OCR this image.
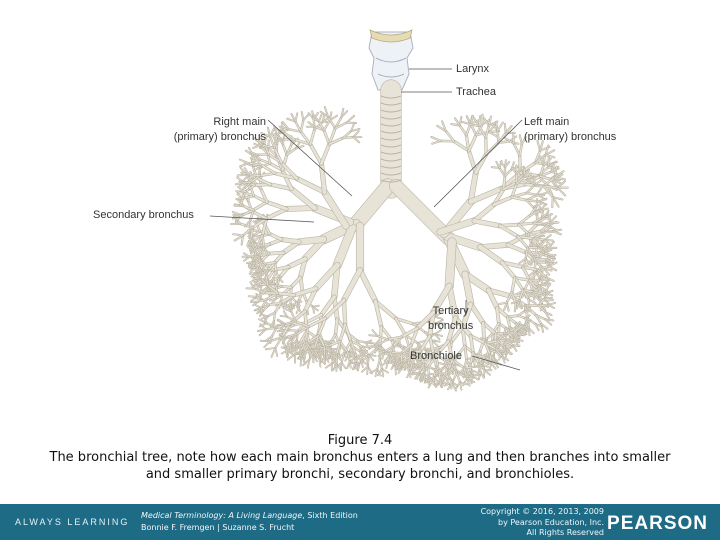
Larynx
Trachea
Right main
(primary) bronchus
Left main
(primary) bronchus
Secondary bronchus
Tertiary
bronchus
Bronchiole
Figure 7.4
The bronchial tree, note how each main bronchus enters a lung and then branches into smaller and smaller primary bronchi, secondary bronchi, and bronchioles.
ALWAYS LEARNING
Medical Terminology: A Living Language, Sixth Edition
Bonnie F. Fremgen | Suzanne S. Frucht
Copyright © 2016, 2013, 2009
by Pearson Education, Inc.
All Rights Reserved PEARSON
